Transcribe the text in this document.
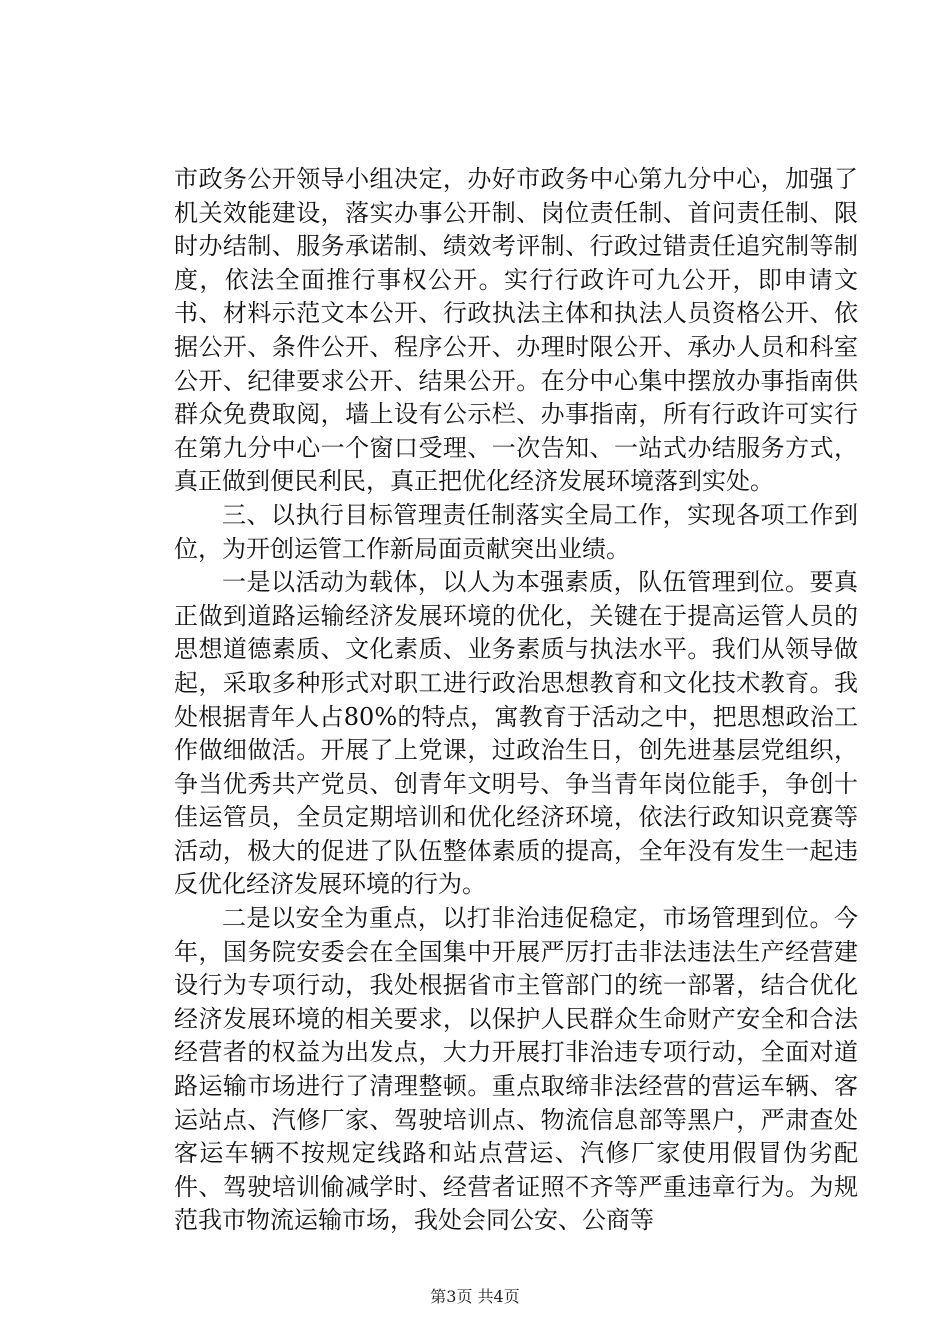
市政务公开领导小组决定，办好市政务中心第九分中心，加强了机关效能建设，落实办事公开制、岗位责任制、首问责任制、限时办结制、服务承诺制、绩效考评制、行政过错责任追究制等制度，依法全面推行事权公开。实行行政许可九公开，即申请文书、材料示范文本公开、行政执法主体和执法人员资格公开、依据公开、条件公开、程序公开、办理时限公开、承办人员和科室公开、纪律要求公开、结果公开。在分中心集中摆放办事指南供群众免费取阅，墙上设有公示栏、办事指南，所有行政许可实行在第九分中心一个窗口受理、一次告知、一站式办结服务方式，真正做到便民利民，真正把优化经济发展环境落到实处。

三、以执行目标管理责任制落实全局工作，实现各项工作到位，为开创运管工作新局面贡献突出业绩。

一是以活动为载体，以人为本强素质，队伍管理到位。要真正做到道路运输经济发展环境的优化，关键在于提高运管人员的思想道德素质、文化素质、业务素质与执法水平。我们从领导做起，采取多种形式对职工进行政治思想教育和文化技术教育。我处根据青年人占80%的特点，寓教育于活动之中，把思想政治工作做细做活。开展了上党课，过政治生日，创先进基层党组织，争当优秀共产党员、创青年文明号、争当青年岗位能手，争创十佳运管员，全员定期培训和优化经济环境，依法行政知识竞赛等活动，极大的促进了队伍整体素质的提高，全年没有发生一起违反优化经济发展环境的行为。

二是以安全为重点，以打非治违促稳定，市场管理到位。今年，国务院安委会在全国集中开展严厉打击非法违法生产经营建设行为专项行动，我处根据省市主管部门的统一部署，结合优化经济发展环境的相关要求，以保护人民群众生命财产安全和合法经营者的权益为出发点，大力开展打非治违专项行动，全面对道路运输市场进行了清理整顿。重点取缔非法经营的营运车辆、客运站点、汽修厂家、驾驶培训点、物流信息部等黑户，严肃查处客运车辆不按规定线路和站点营运、汽修厂家使用假冒伪劣配件、驾驶培训偷减学时、经营者证照不齐等严重违章行为。为规范我市物流运输市场，我处会同公安、公商等

第3页 共4页
